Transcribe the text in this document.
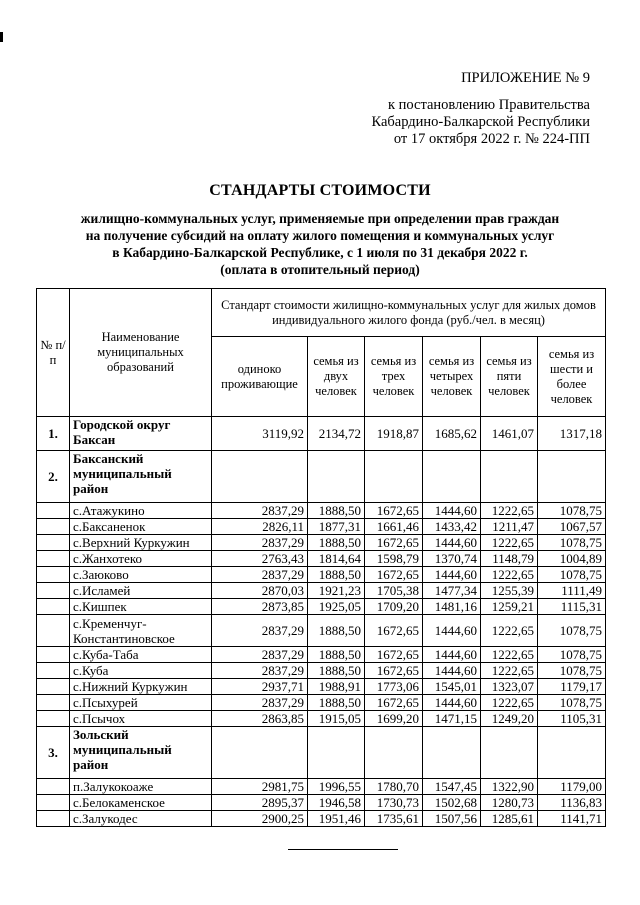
ПРИЛОЖЕНИЕ № 9
к постановлению Правительства
Кабардино-Балкарской Республики
от 17 октября 2022 г. № 224-ПП
СТАНДАРТЫ СТОИМОСТИ
жилищно-коммунальных услуг, применяемые при определении прав граждан
на получение субсидий на оплату жилого помещения и коммунальных услуг
в Кабардино-Балкарской Республике, с 1 июля по 31 декабря 2022 г.
(оплата в отопительный период)
№ п/п	Наименование муниципальных образований	Стандарт стоимости жилищно-коммунальных услуг для жилых домов индивидуального жилого фонда (руб./чел. в месяц)					
		одиноко проживающие	семья из двух человек	семья из трех человек	семья из четырех человек	семья из пяти человек	семья из шести и более человек
1.	Городской округ Баксан	3119,92	2134,72	1918,87	1685,62	1461,07	1317,18
2.	Баксанский муниципальный район						
	с.Атажукино	2837,29	1888,50	1672,65	1444,60	1222,65	1078,75
	с.Баксаненок	2826,11	1877,31	1661,46	1433,42	1211,47	1067,57
	с.Верхний Куркужин	2837,29	1888,50	1672,65	1444,60	1222,65	1078,75
	с.Жанхотеко	2763,43	1814,64	1598,79	1370,74	1148,79	1004,89
	с.Заюково	2837,29	1888,50	1672,65	1444,60	1222,65	1078,75
	с.Исламей	2870,03	1921,23	1705,38	1477,34	1255,39	1111,49
	с.Кишпек	2873,85	1925,05	1709,20	1481,16	1259,21	1115,31
	с.Кременчуг-Константиновское	2837,29	1888,50	1672,65	1444,60	1222,65	1078,75
	с.Куба-Таба	2837,29	1888,50	1672,65	1444,60	1222,65	1078,75
	с.Куба	2837,29	1888,50	1672,65	1444,60	1222,65	1078,75
	с.Нижний Куркужин	2937,71	1988,91	1773,06	1545,01	1323,07	1179,17
	с.Псыхурей	2837,29	1888,50	1672,65	1444,60	1222,65	1078,75
	с.Псычох	2863,85	1915,05	1699,20	1471,15	1249,20	1105,31
3.	Зольский муниципальный район						
	п.Залукокоаже	2981,75	1996,55	1780,70	1547,45	1322,90	1179,00
	с.Белокаменское	2895,37	1946,58	1730,73	1502,68	1280,73	1136,83
	с.Залукодес	2900,25	1951,46	1735,61	1507,56	1285,61	1141,71
